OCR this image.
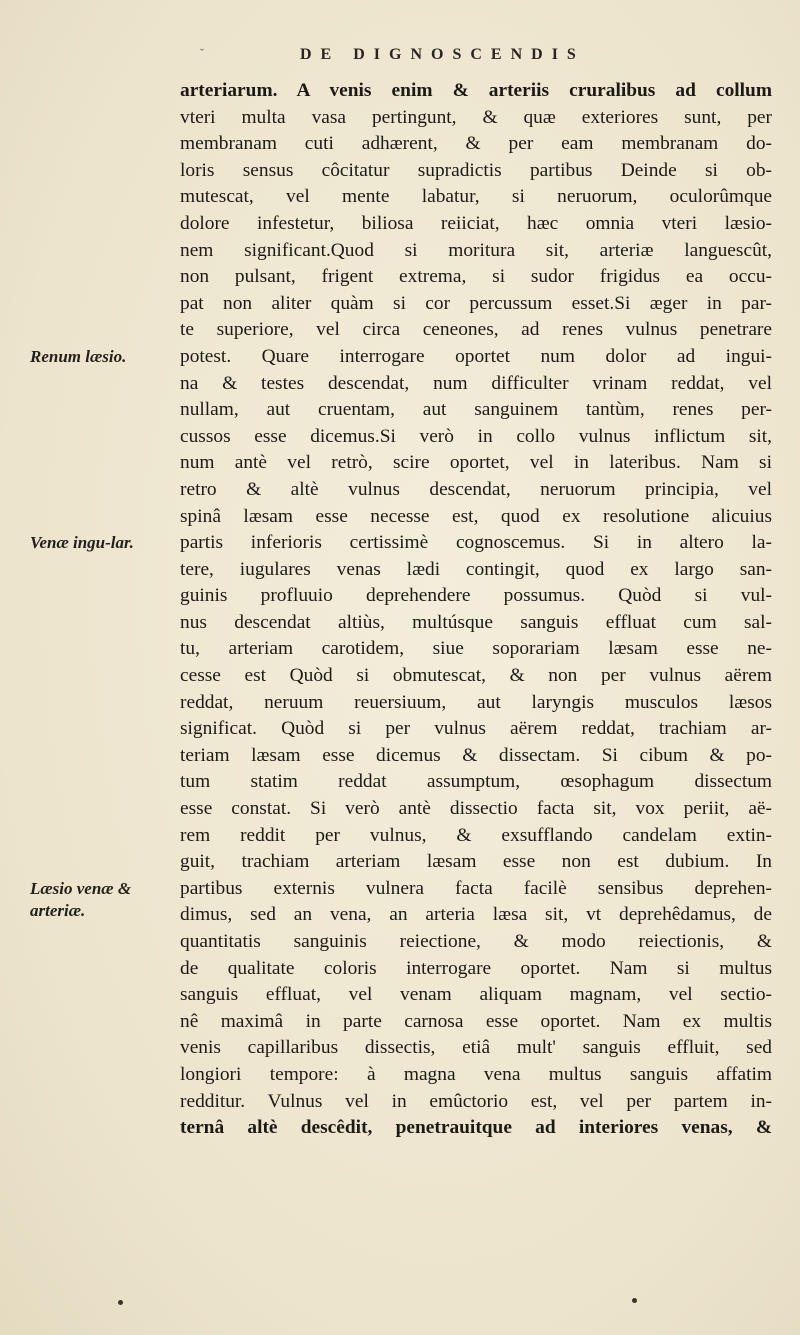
ˇ	DE DIGNOSCENDIS
arteriarum. A venis enim & arteriis cruralibus ad collum
vteri multa vasa pertingunt, & quæ exteriores sunt, per
membranam cuti adhærent, & per eam membranam do-
loris sensus côcitatur supradictis partibus Deinde si ob-
mutescat, vel mente labatur, si neruorum, oculorûmque
dolore infestetur, biliosa reiiciat, hæc omnia vteri læsio-
nem significant.Quod si moritura sit, arteriæ languescût,
non pulsant, frigent extrema, si sudor frigidus ea occu-
pat non aliter quàm si cor percussum esset.Si æger in par-
te superiore, vel circa ceneones, ad renes vulnus penetrare
potest. Quare interrogare oportet num dolor ad ingui-
na & testes descendat, num difficulter vrinam reddat, vel
nullam, aut cruentam, aut sanguinem tantùm, renes per-
cussos esse dicemus.Si verò in collo vulnus inflictum sit,
num antè vel retrò, scire oportet, vel in lateribus. Nam si
retro & altè vulnus descendat, neruorum principia, vel
spinâ læsam esse necesse est, quod ex resolutione alicuius
partis inferioris certissimè cognoscemus. Si in altero la-
tere, iugulares venas lædi contingit, quod ex largo san-
guinis profluuio deprehendere possumus. Quòd si vul-
nus descendat altiùs, multúsque sanguis effluat cum sal-
tu, arteriam carotidem, siue soporariam læsam esse ne-
cesse est Quòd si obmutescat, & non per vulnus aërem
reddat, neruum reuersiuum, aut laryngis musculos læsos
significat. Quòd si per vulnus aërem reddat, trachiam ar-
teriam læsam esse dicemus & dissectam. Si cibum & po-
tum statim reddat assumptum, œsophagum dissectum
esse constat. Si verò antè dissectio facta sit, vox periit, aë-
rem reddit per vulnus, & exsufflando candelam extin-
guit, trachiam arteriam læsam esse non est dubium. In
partibus externis vulnera facta facilè sensibus deprehen-
dimus, sed an vena, an arteria læsa sit, vt deprehêdamus, de
quantitatis sanguinis reiectione, & modo reiectionis, &
de qualitate coloris interrogare oportet. Nam si multus
sanguis effluat, vel venam aliquam magnam, vel sectio-
nê maximâ in parte carnosa esse oportet. Nam ex multis
venis capillaribus dissectis, etiâ mult' sanguis effluit, sed
longiori tempore: à magna vena multus sanguis affatim
redditur. Vulnus vel in emûctorio est, vel per partem in-
ternâ altè descêdit, penetrauitque ad interiores venas, &
Renum læsio.
Venæ ingu-lar.
Læsio venæ & arteriæ.
